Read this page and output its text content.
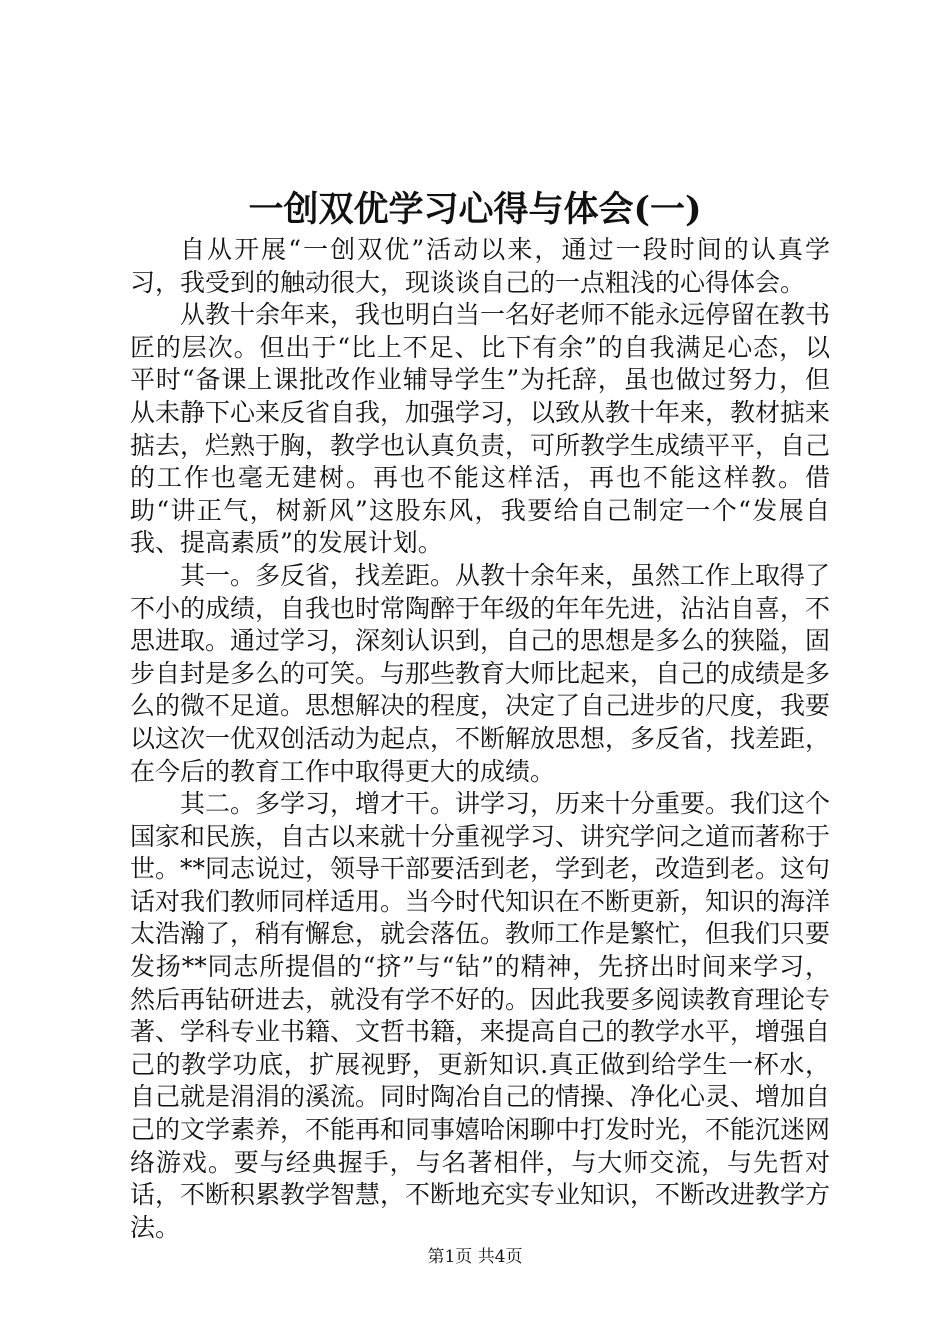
一创双优学习心得与体会(一)

自从开展“一创双优”活动以来，通过一段时间的认真学习，我受到的触动很大，现谈谈自己的一点粗浅的心得体会。

从教十余年来，我也明白当一名好老师不能永远停留在教书匠的层次。但出于“比上不足、比下有余”的自我满足心态，以平时“备课上课批改作业辅导学生”为托辞，虽也做过努力，但从未静下心来反省自我，加强学习，以致从教十年来，教材掂来掂去，烂熟于胸，教学也认真负责，可所教学生成绩平平，自己的工作也毫无建树。再也不能这样活，再也不能这样教。借助“讲正气，树新风”这股东风，我要给自己制定一个“发展自我、提高素质”的发展计划。

其一。多反省，找差距。从教十余年来，虽然工作上取得了不小的成绩，自我也时常陶醉于年级的年年先进，沾沾自喜，不思进取。通过学习，深刻认识到，自己的思想是多么的狭隘，固步自封是多么的可笑。与那些教育大师比起来，自己的成绩是多么的微不足道。思想解决的程度，决定了自己进步的尺度，我要以这次一优双创活动为起点，不断解放思想，多反省，找差距，在今后的教育工作中取得更大的成绩。

其二。多学习，增才干。讲学习，历来十分重要。我们这个国家和民族，自古以来就十分重视学习、讲究学问之道而著称于世。**同志说过，领导干部要活到老，学到老，改造到老。这句话对我们教师同样适用。当今时代知识在不断更新，知识的海洋太浩瀚了，稍有懈怠，就会落伍。教师工作是繁忙，但我们只要发扬**同志所提倡的“挤”与“钻”的精神，先挤出时间来学习，然后再钻研进去，就没有学不好的。因此我要多阅读教育理论专著、学科专业书籍、文哲书籍，来提高自己的教学水平，增强自己的教学功底，扩展视野，更新知识.真正做到给学生一杯水，自己就是涓涓的溪流。同时陶冶自己的情操、净化心灵、增加自己的文学素养，不能再和同事嬉哈闲聊中打发时光，不能沉迷网络游戏。要与经典握手，与名著相伴，与大师交流，与先哲对话，不断积累教学智慧，不断地充实专业知识，不断改进教学方法。

第1页 共4页
